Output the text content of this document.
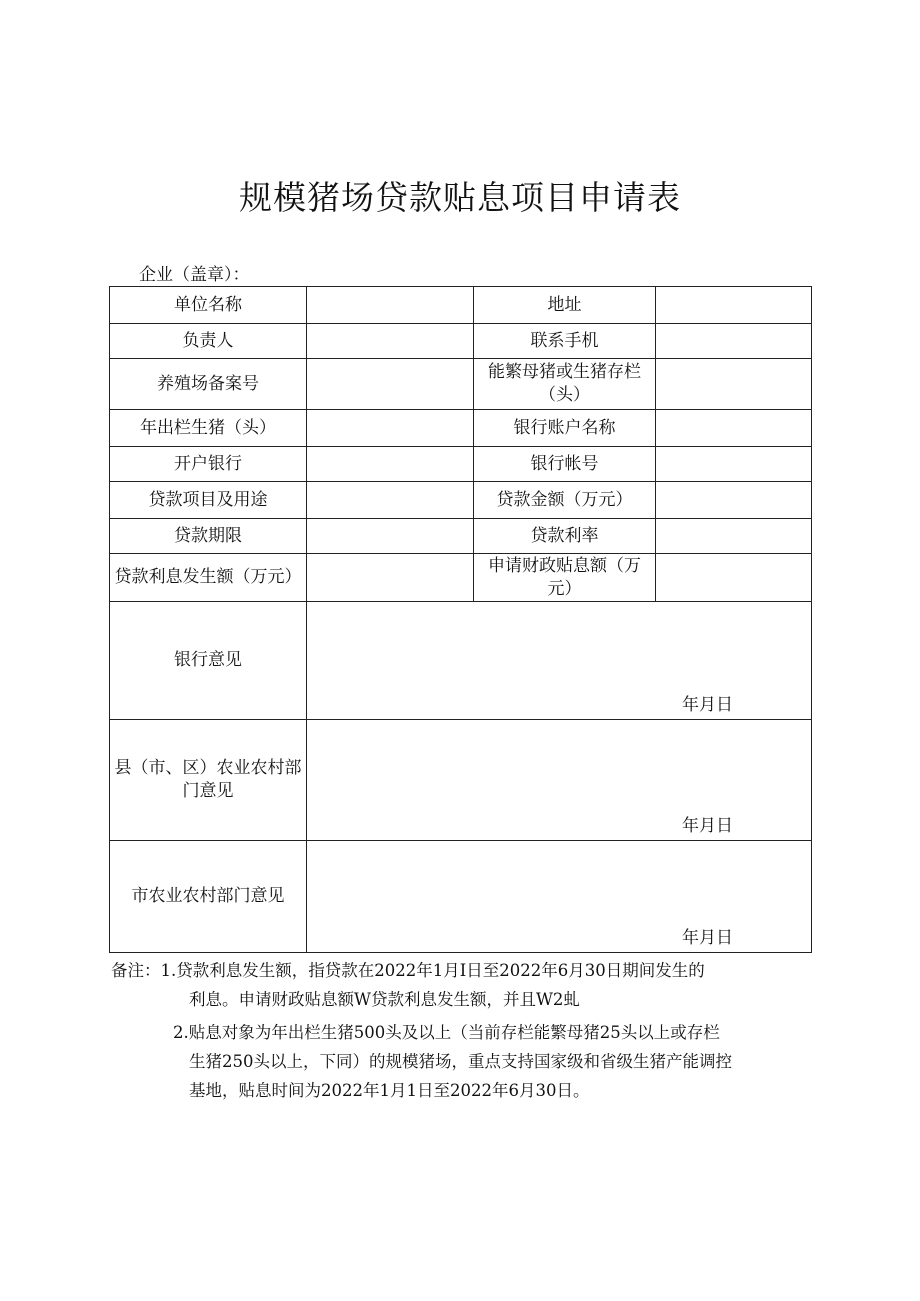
规模猪场贷款贴息项目申请表
企业（盖章）：
单位名称		地址	

负责人		联系手机	

养殖场备案号		能繁母猪或生猪存栏（头）	

年出栏生猪（头）		银行账户名称	

开户银行		银行帐号	

贷款项目及用途		贷款金额（万元）	

贷款期限		贷款利率	

贷款利息发生额（万元）		申请财政贴息额（万元）	

银行意见	年月日		

县（市、区）农业农村部门意见	年月日		

市农业农村部门意见	年月日		
备注：1.贷款利息发生额，指贷款在2022年1月I日至2022年6月30日期间发生的
利息。申请财政贴息额W贷款利息发生额，并且W2虬
2.贴息对象为年出栏生猪500头及以上（当前存栏能繁母猪25头以上或存栏
生猪250头以上，下同）的规模猪场，重点支持国家级和省级生猪产能调控
基地，贴息时间为2022年1月1日至2022年6月30日。
